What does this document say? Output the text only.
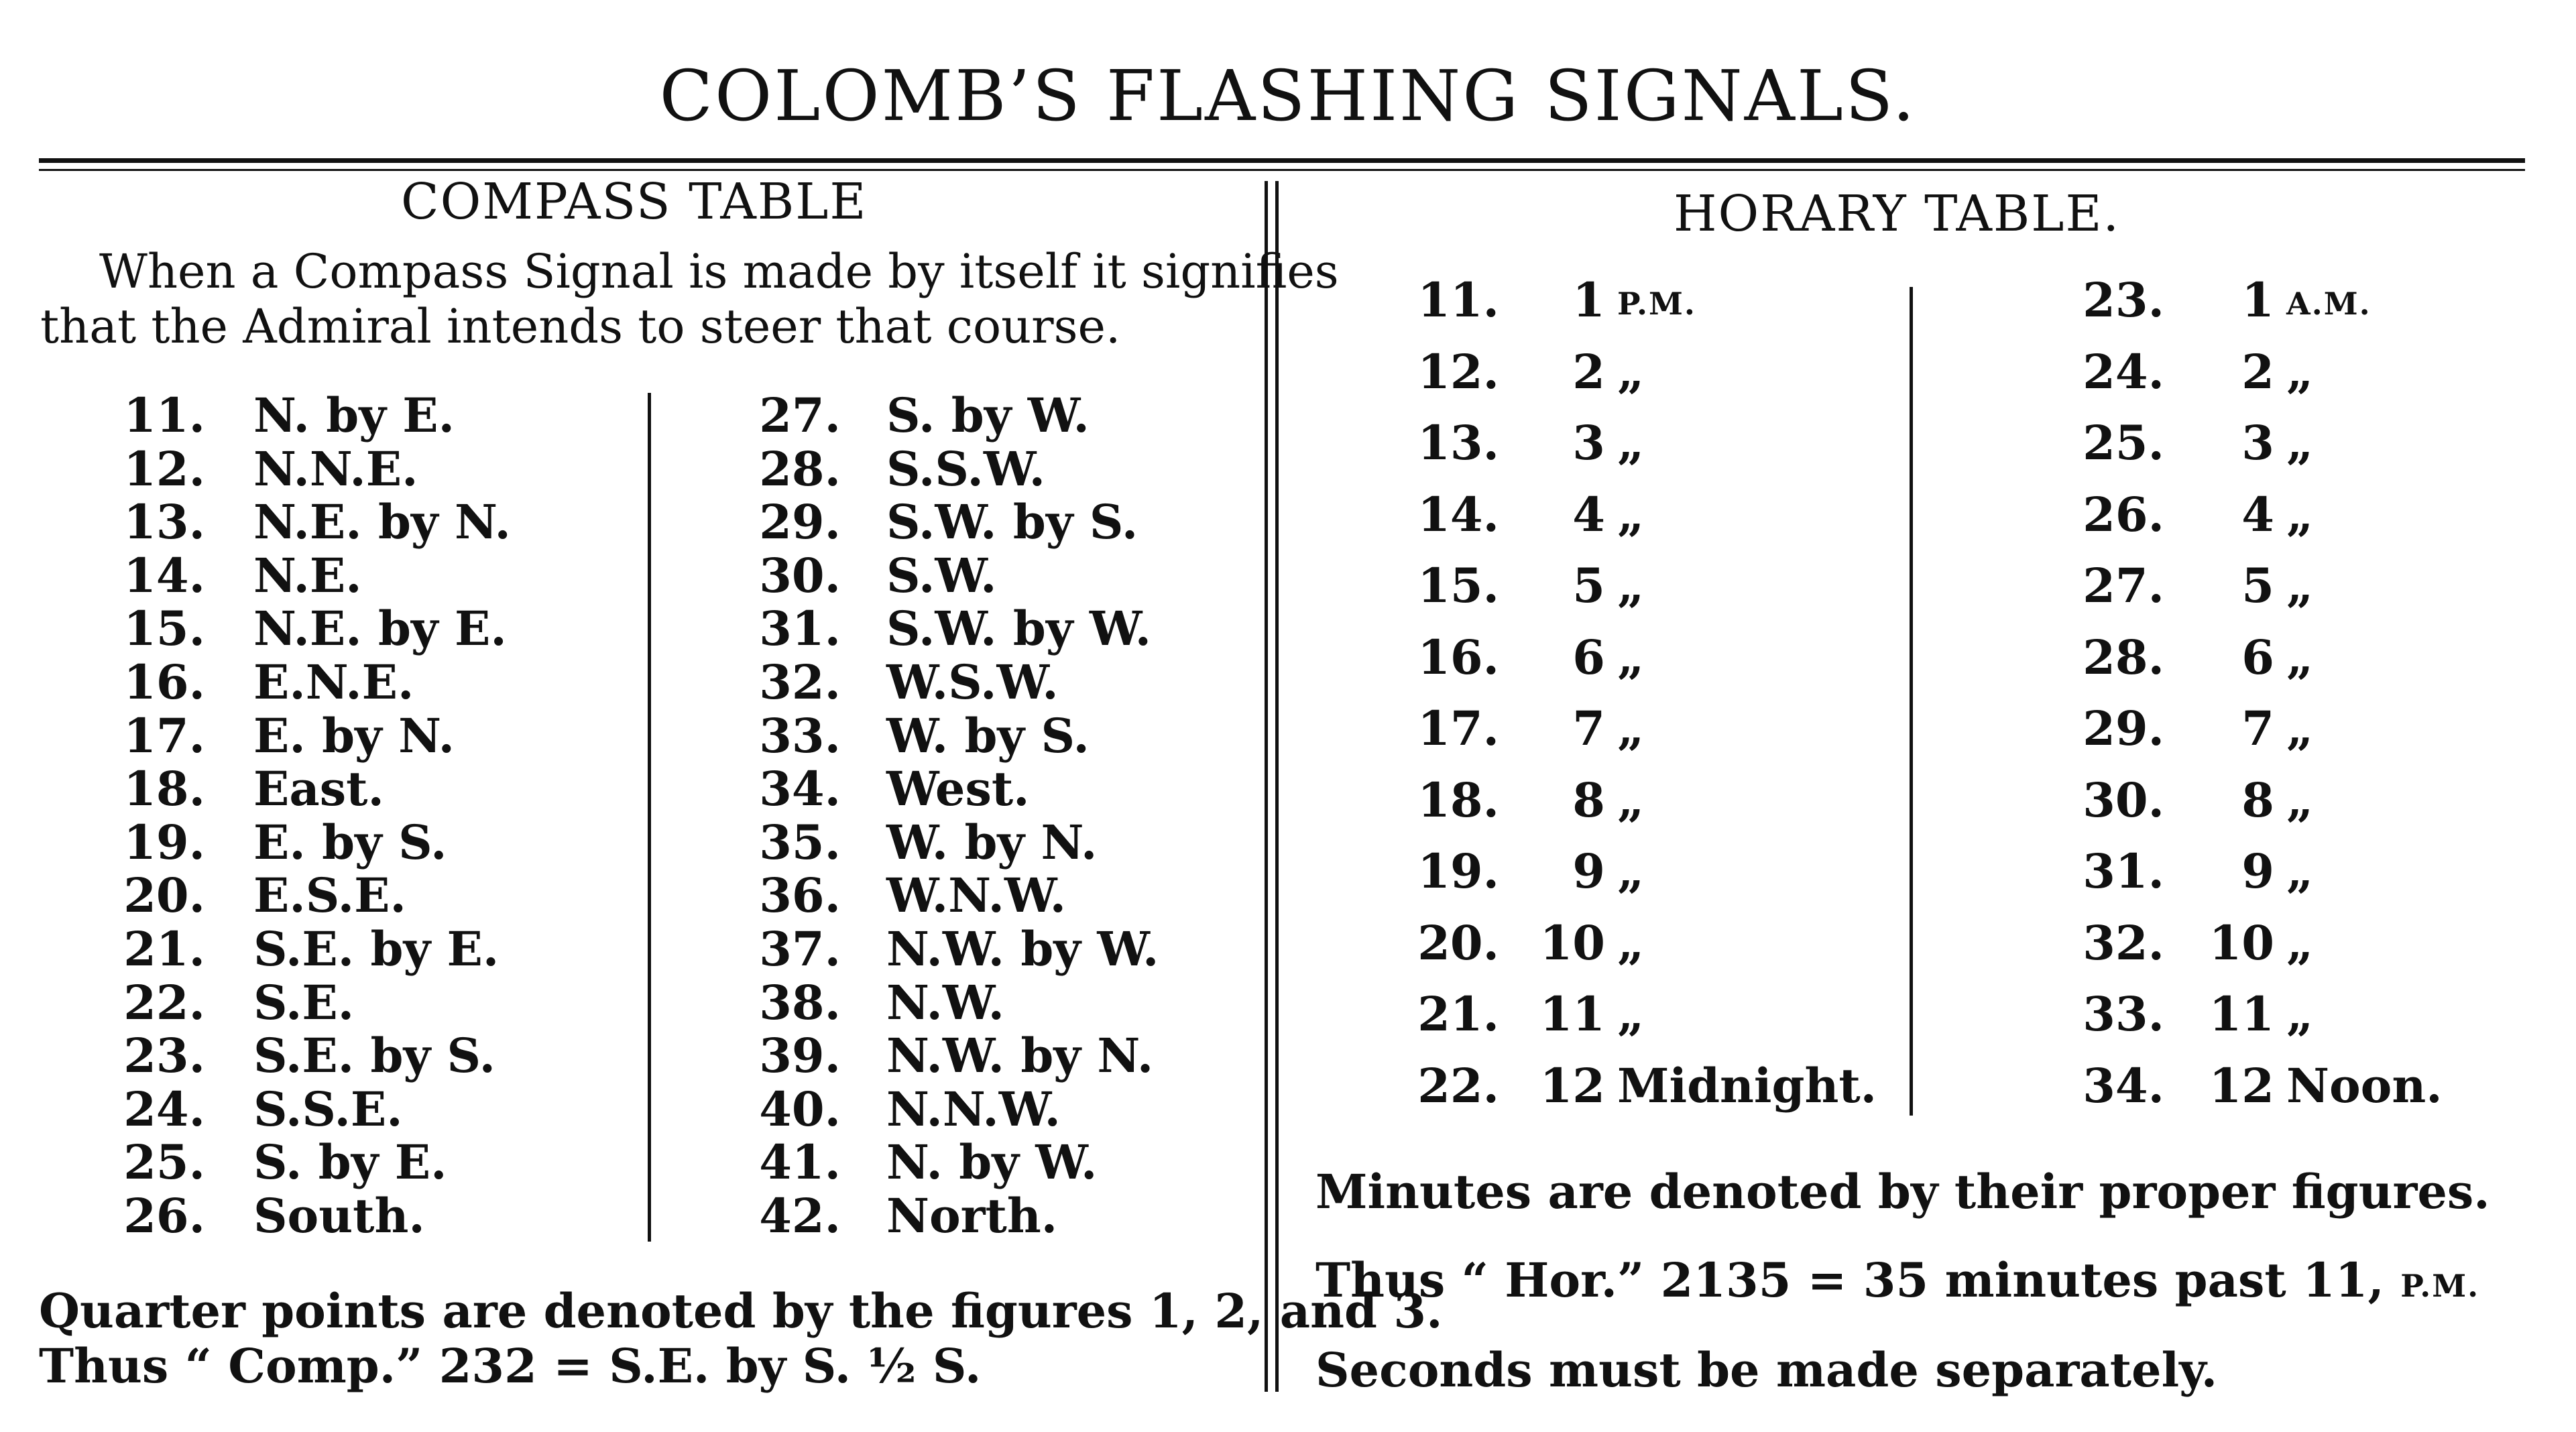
COLOMB’S FLASHING SIGNALS.
COMPASS TABLE
When a Compass Signal is made by itself it signifies
that the Admiral intends to steer that course.
11. N. by E.
12. N.N.E.
13. N.E. by N.
14. N.E.
15. N.E. by E.
16. E.N.E.
17. E. by N.
18. East.
19. E. by S.
20. E.S.E.
21. S.E. by E.
22. S.E.
23. S.E. by S.
24. S.S.E.
25. S. by E.
26. South.
27. S. by W.
28. S.S.W.
29. S.W. by S.
30. S.W.
31. S.W. by W.
32. W.S.W.
33. W. by S.
34. West.
35. W. by N.
36. W.N.W.
37. N.W. by W.
38. N.W.
39. N.W. by N.
40. N.N.W.
41. N. by W.
42. North.
Quarter points are denoted by the figures 1, 2, and 3.
Thus “ Comp.” 232 = S.E. by S. ½ S.
HORARY TABLE.
11.	1 P.M.
12.	2 „
13.	3 „
14.	4 „
15.	5 „
16.	6 „
17.	7 „
18.	8 „
19.	9 „
20. 10 „
21. 11 „
22. 12 Midnight.
23.	1 A.M.
24.	2 „
25.	3 „
26.	4 „
27.	5 „
28.	6 „
29.	7 „
30.	8 „
31.	9 „
32. 10 „
33. 11 „
34. 12 Noon.
Minutes are denoted by their proper figures.
Thus “ Hor.” 2135 = 35 minutes past 11, P.M.
Seconds must be made separately.
